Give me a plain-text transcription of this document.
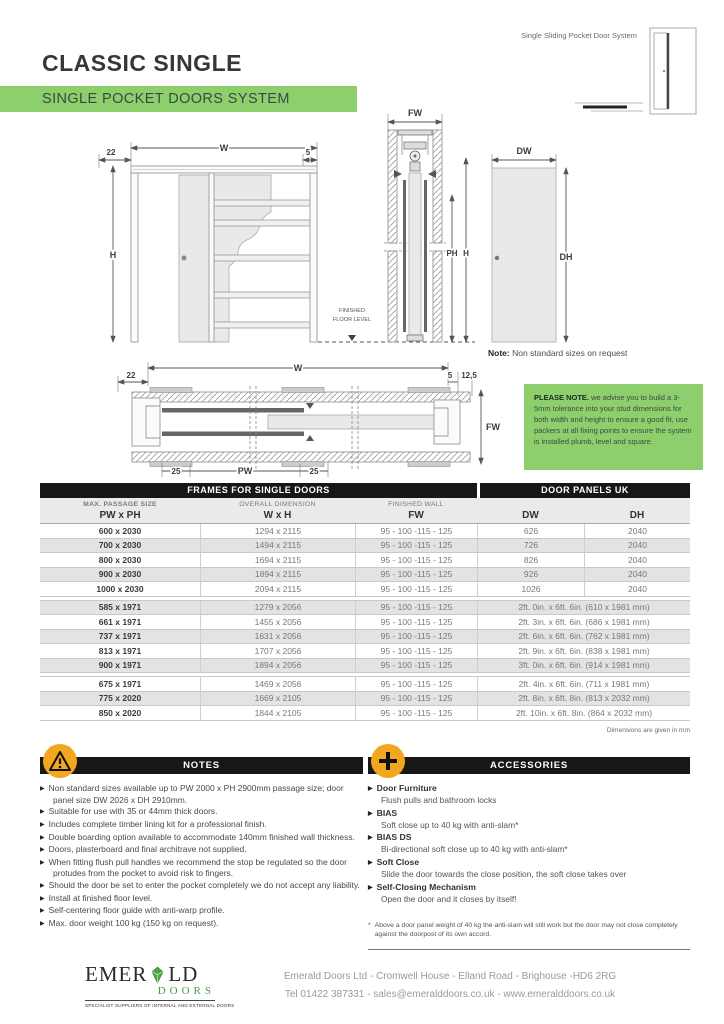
CLASSIC SINGLE
SINGLE POCKET DOORS SYSTEM
Single Sliding Pocket Door System
W
22	5
H
FINISHED
FLOOR LEVEL
FW
PH H
DW
DH
W
22	5 12,5
25	PW	25
FW
Note: Non standard sizes on request
PLEASE NOTE. we advise you to build a 3-5mm tolerance into your stud dimensions for both width and height to ensure a good fit, use packers at all fixing points to ensure the system is installed plumb, level and square.
FRAMES FOR SINGLE DOORS	DOOR PANELS UK
MAX. PASSAGE SIZE
PW x PH
OVERALL DIMENSION
W x H
FINISHED WALL
FW	DW	DH
600 x 2030	1294 x 2115	95 - 100 -115 - 125	626	2040
700 x 2030	1494 x 2115	95 - 100 -115 - 125	726	2040
800 x 2030	1694 x 2115	95 - 100 -115 - 125	826	2040
900 x 2030	1894 x 2115	95 - 100 -115 - 125	926	2040
1000 x 2030	2094 x 2115	95 - 100 -115 - 125	1026	2040
585 x 1971	1279 x 2056	95 - 100 -115 - 125	2ft. 0in. x 6ft. 6in. (610 x 1981 mm)
661 x 1971	1455 x 2056	95 - 100 -115 - 125	2ft. 3in. x 6ft. 6in. (686 x 1981 mm)
737 x 1971	1631 x 2056	95 - 100 -115 - 125	2ft. 6in. x 6ft. 6in. (762 x 1981 mm)
813 x 1971	1707 x 2056	95 - 100 -115 - 125	2ft. 9in. x 6ft. 6in. (838 x 1981 mm)
900 x 1971	1894 x 2056	95 - 100 -115 - 125	3ft. 0in. x 6ft. 6in. (914 x 1981 mm)
675 x 1971	1469 x 2056	95 - 100 -115 - 125	2ft. 4in. x 6ft. 6in. (711 x 1981 mm)
775 x 2020	1669 x 2105	95 - 100 -115 - 125	2ft. 8in. x 6ft. 8in. (813 x 2032 mm)
850 x 2020	1844 x 2105	95 - 100 -115 - 125	2ft. 10in. x 6ft. 8in. (864 x 2032 mm)
Dimensions are given in mm
NOTES
▶ Non standard sizes available up to PW 2000 x PH 2900mm passage size; door panel size DW 2026 x DH 2910mm.
▶ Suitable for use with 35 or 44mm thick doors.
▶ Includes complete timber lining kit for a professional finish.
▶ Double boarding option available to accommodate 140mm finished wall thickness.
▶ Doors, plasterboard and final architrave not supplied.
▶ When fitting flush pull handles we recommend the stop be regulated so the door protudes from the pocket to avoid risk to fingers.
▶ Should the door be set to enter the pocket completely we do not accept any liability.
▶ Install at finished floor level.
▶ Self-centering floor guide with anti-warp profile.
▶ Max. door weight 100 kg (150 kg on request).
ACCESSORIES
▶ Door Furniture
Flush pulls and bathroom locks
▶ BIAS
Soft close up to 40 kg with anti-slam*
▶ BIAS DS
Bi-directional soft close up to 40 kg with anti-slam*
▶ Soft Close
Slide the door towards the close position, the soft close takes over
▶ Self-Closing Mechanism
Open the door and it closes by itself!
* Above a door panel weight of 40 kg the anti-slam will still work but the door may not close completely against the doorpost of its own accord.
EMER LD
DOORS
SPECIALIST SUPPLIERS OF INTERNAL AND EXTERNAL DOORS
Emerald Doors Ltd - Cromwell House - Elland Road - Brighouse -HD6 2RG
Tel 01422 387331 - sales@emeralddoors.co.uk - www.emeralddoors.co.uk
